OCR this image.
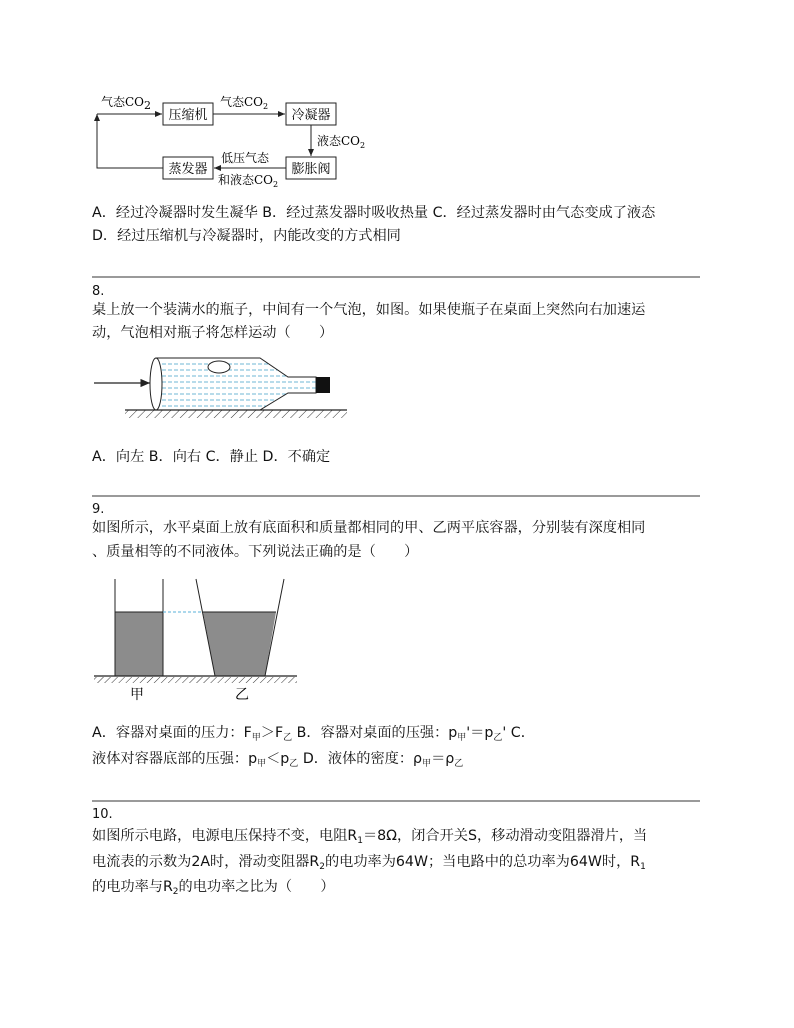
压缩机	冷凝器
膨胀阀
蒸发器
气态CO2	气态$CO_2$
液态$CO_2$
低压气态
和液态$CO_2$
A．经过冷凝器时发生凝华 B．经过蒸发器时吸收热量 C．经过蒸发器时由气态变成了液态
D．经过压缩机与冷凝器时，内能改变的方式相同
8.
桌上放一个装满水的瓶子，中间有一个气泡，如图。如果使瓶子在桌面上突然向右加速运
动，气泡相对瓶子将怎样运动（　　）
A．向左 B．向右 C．静止 D．不确定
9.
如图所示，水平桌面上放有底面积和质量都相同的甲、乙两平底容器，分别装有深度相同
、质量相等的不同液体。下列说法正确的是（　　）
甲	乙
A．容器对桌面的压力：$F_甲>F_乙$ B．容器对桌面的压强：$p_甲'=p_乙'$ C．
液体对容器底部的压强：$p_甲<p_乙$ D．液体的密度：$\rho_甲=\rho_乙$
10.
如图所示电路，电源电压保持不变，电阻$R_1=8\Omega$，闭合开关S，移动滑动变阻器滑片，当
电流表的示数为2A时，滑动变阻器$R_2$的电功率为64W；当电路中的总功率为64W时，$R_1$
的电功率与$R_2$的电功率之比为（　　）
